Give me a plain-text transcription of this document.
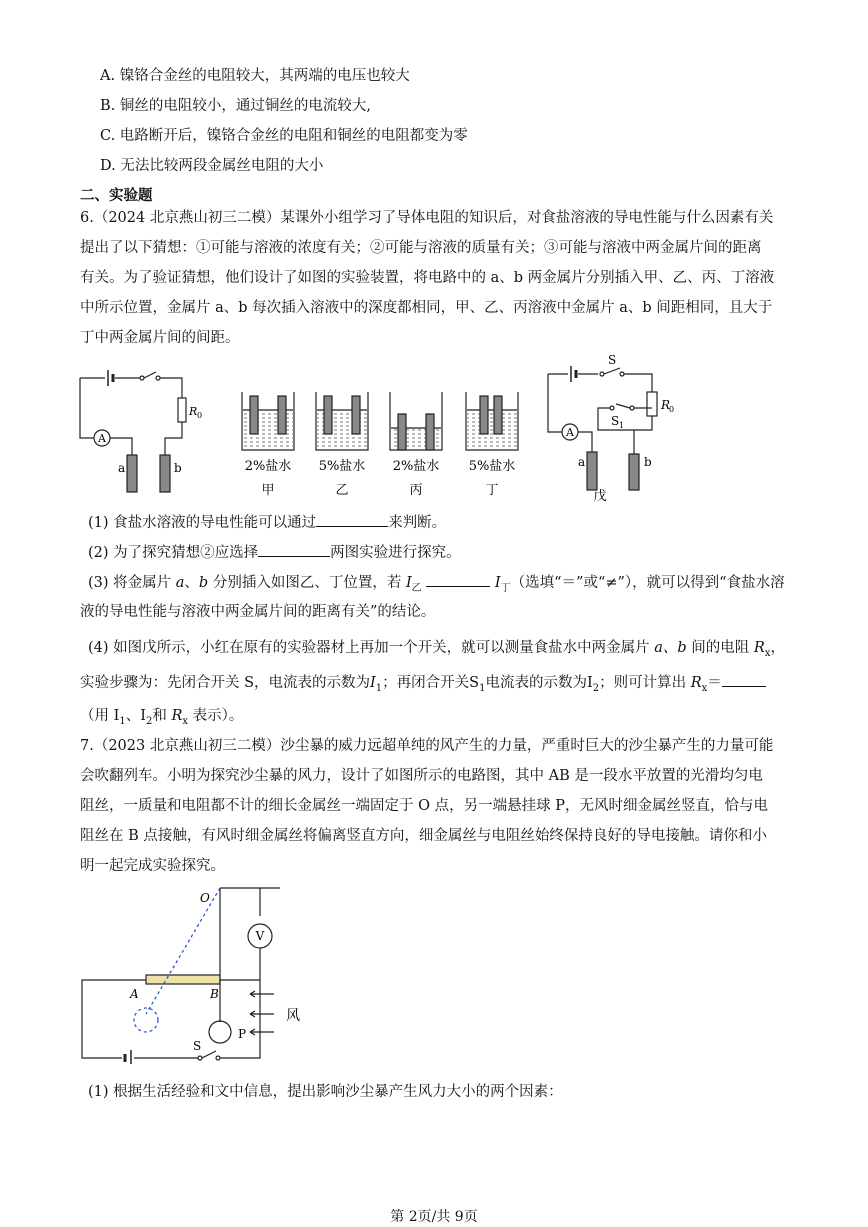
A. 镍铬合金丝的电阻较大，其两端的电压也较大
B. 铜丝的电阻较小，通过铜丝的电流较大,
C. 电路断开后，镍铬合金丝的电阻和铜丝的电阻都变为零
D. 无法比较两段金属丝电阻的大小
二、实验题
6.（2024 北京燕山初三二模）某课外小组学习了导体电阻的知识后，对食盐溶液的导电性能与什么因素有关
提出了以下猜想：①可能与溶液的浓度有关；②可能与溶液的质量有关；③可能与溶液中两金属片间的距离
有关。为了验证猜想，他们设计了如图的实验装置，将电路中的 a、b 两金属片分别插入甲、乙、丙、丁溶液
中所示位置，金属片 a、b 每次插入溶液中的深度都相同，甲、乙、丙溶液中金属片 a、b 间距相同，且大于
丁中两金属片间的间距。
A
R 0
a	b	2%盐水 5%盐水 2%盐水 5%盐水
甲	乙	丙	丁
A
S
S 1
R
0
a	b
戊
(1) 食盐水溶液的导电性能可以通过	来判断。
(2) 为了探究猜想②应选择	两图实验进行探究。
(3) 将金属片 a、b 分别插入如图乙、丁位置，若 $I_乙$	$I_丁$（选填“＝”或“≠”），就可以得到“食盐水溶
液的导电性能与溶液中两金属片间的距离有关”的结论。
(4) 如图戊所示，小红在原有的实验器材上再加一个开关，就可以测量食盐水中两金属片 a、b 间的电阻 $R_x$，
实验步骤为：先闭合开关 S，电流表的示数为$I_1$；再闭合开关$S_1$电流表的示数为$I_2$；则可计算出 $R_x=$
（用 $I_1$、$I_2$和 $R_x$ 表示）。
7.（2023 北京燕山初三二模）沙尘暴的威力远超单纯的风产生的力量，严重时巨大的沙尘暴产生的力量可能
会吹翻列车。小明为探究沙尘暴的风力，设计了如图所示的电路图，其中 AB 是一段水平放置的光滑均匀电
阻丝，一质量和电阻都不计的细长金属丝一端固定于 O 点，另一端悬挂球 P，无风时细金属丝竖直，恰与电
阻丝在 B 点接触，有风时细金属丝将偏离竖直方向，细金属丝与电阻丝始终保持良好的导电接触。请你和小
明一起完成实验探究。
O
V
A	B
P
S
风
(1) 根据生活经验和文中信息，提出影响沙尘暴产生风力大小的两个因素：
第 2页/共 9页
